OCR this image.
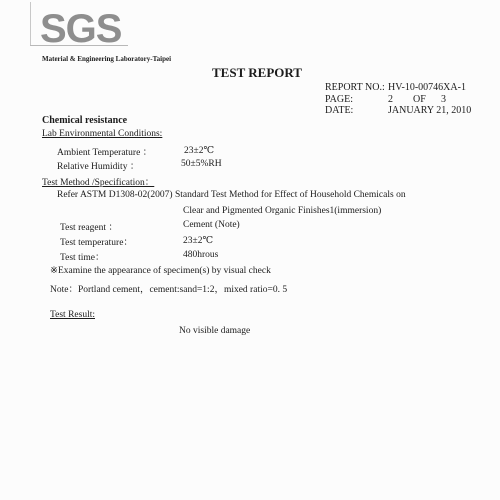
SGS
Material & Engineering Laboratory-Taipei
TEST REPORT
REPORT NO.: HV-10-00746XA-1
PAGE:	2 OF 3
DATE:	JANUARY 21, 2010
Chemical resistance
Lab Environmental Conditions:
Ambient Temperature ：	23±2℃
Relative Humidity ：	50±5%RH
Test Method /Specification：
Refer ASTM D1308-02(2007) Standard Test Method for Effect of Household Chemicals on
Clear and Pigmented Organic Finishes1(immersion)
Test reagent ：	Cement (Note)
Test temperature：	23±2℃
Test time：	480hrous
※Examine the appearance of specimen(s) by visual check
Note：Portland cement，cement:sand=1:2，mixed ratio=0. 5
Test Result:
No visible damage
